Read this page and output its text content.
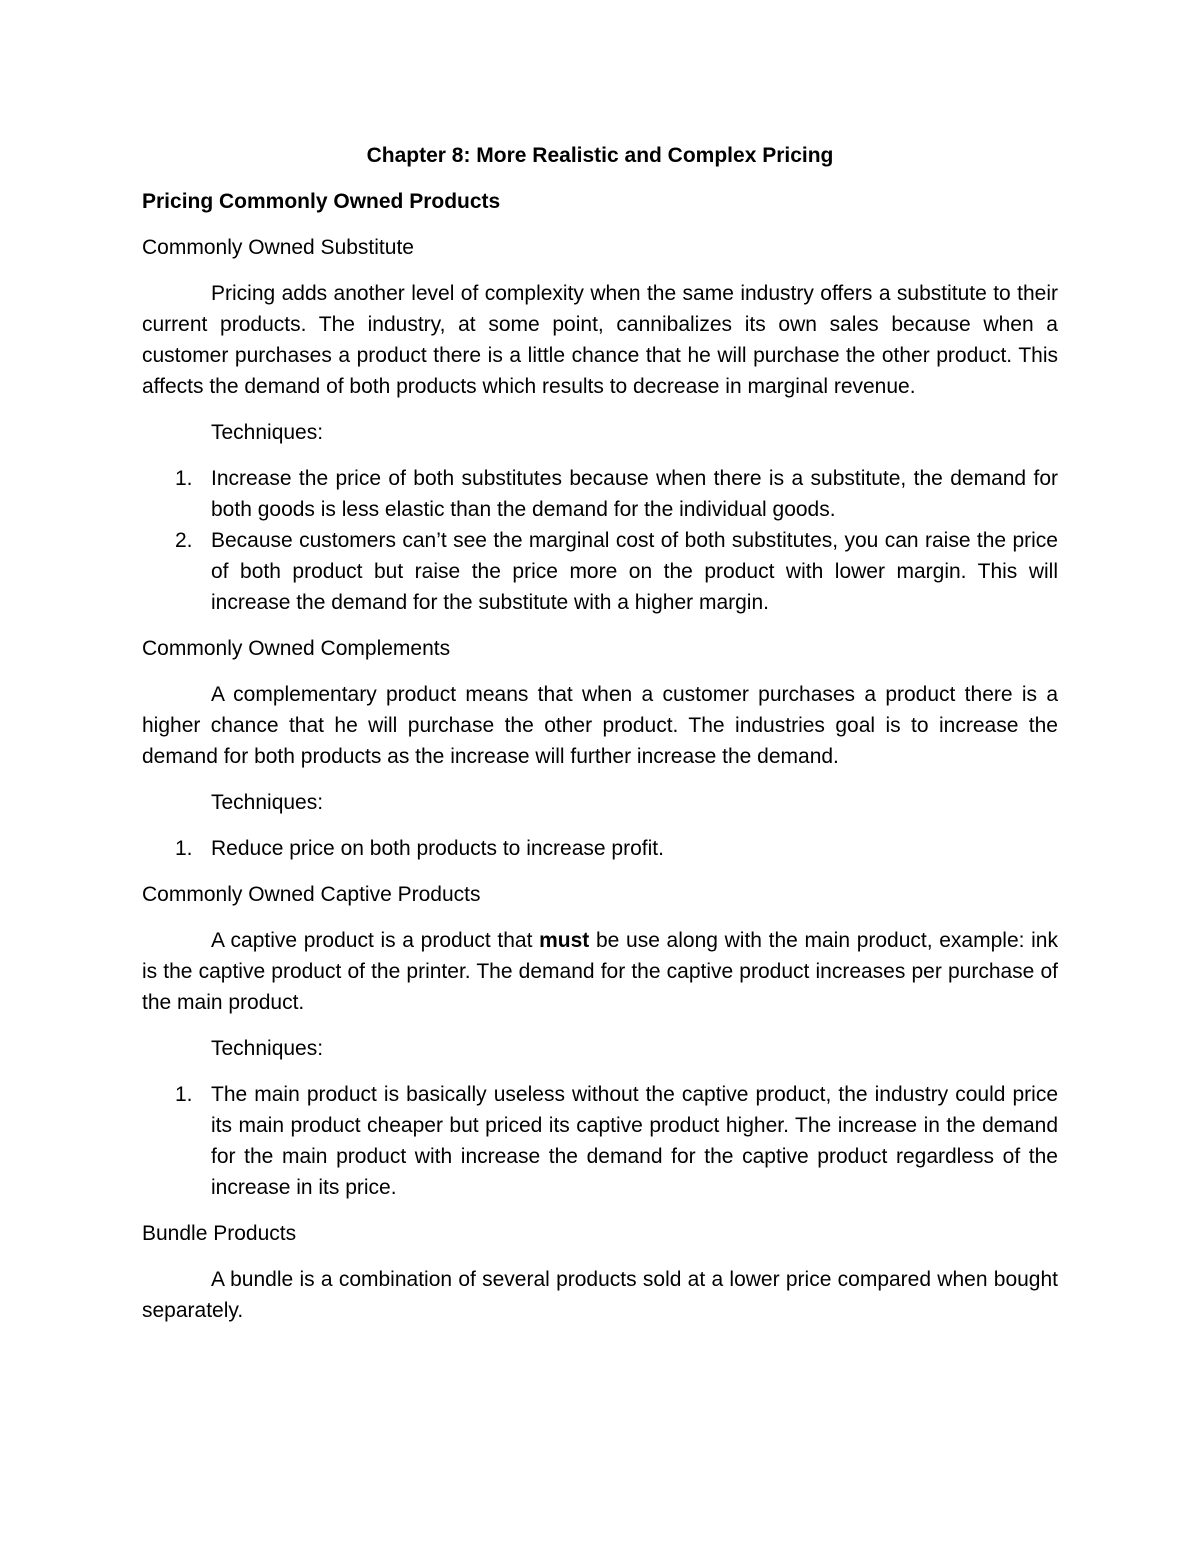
Chapter 8: More Realistic and Complex Pricing
Pricing Commonly Owned Products
Commonly Owned Substitute
Pricing adds another level of complexity when the same industry offers a substitute to their current products. The industry, at some point, cannibalizes its own sales because when a customer purchases a product there is a little chance that he will purchase the other product. This affects the demand of both products which results to decrease in marginal revenue.
Techniques:
1. Increase the price of both substitutes because when there is a substitute, the demand for both goods is less elastic than the demand for the individual goods.
2. Because customers can’t see the marginal cost of both substitutes, you can raise the price of both product but raise the price more on the product with lower margin. This will increase the demand for the substitute with a higher margin.
Commonly Owned Complements
A complementary product means that when a customer purchases a product there is a higher chance that he will purchase the other product. The industries goal is to increase the demand for both products as the increase will further increase the demand.
Techniques:
1. Reduce price on both products to increase profit.
Commonly Owned Captive Products
A captive product is a product that must be use along with the main product, example: ink is the captive product of the printer. The demand for the captive product increases per purchase of the main product.
Techniques:
1. The main product is basically useless without the captive product, the industry could price its main product cheaper but priced its captive product higher. The increase in the demand for the main product with increase the demand for the captive product regardless of the increase in its price.
Bundle Products
A bundle is a combination of several products sold at a lower price compared when bought separately.
